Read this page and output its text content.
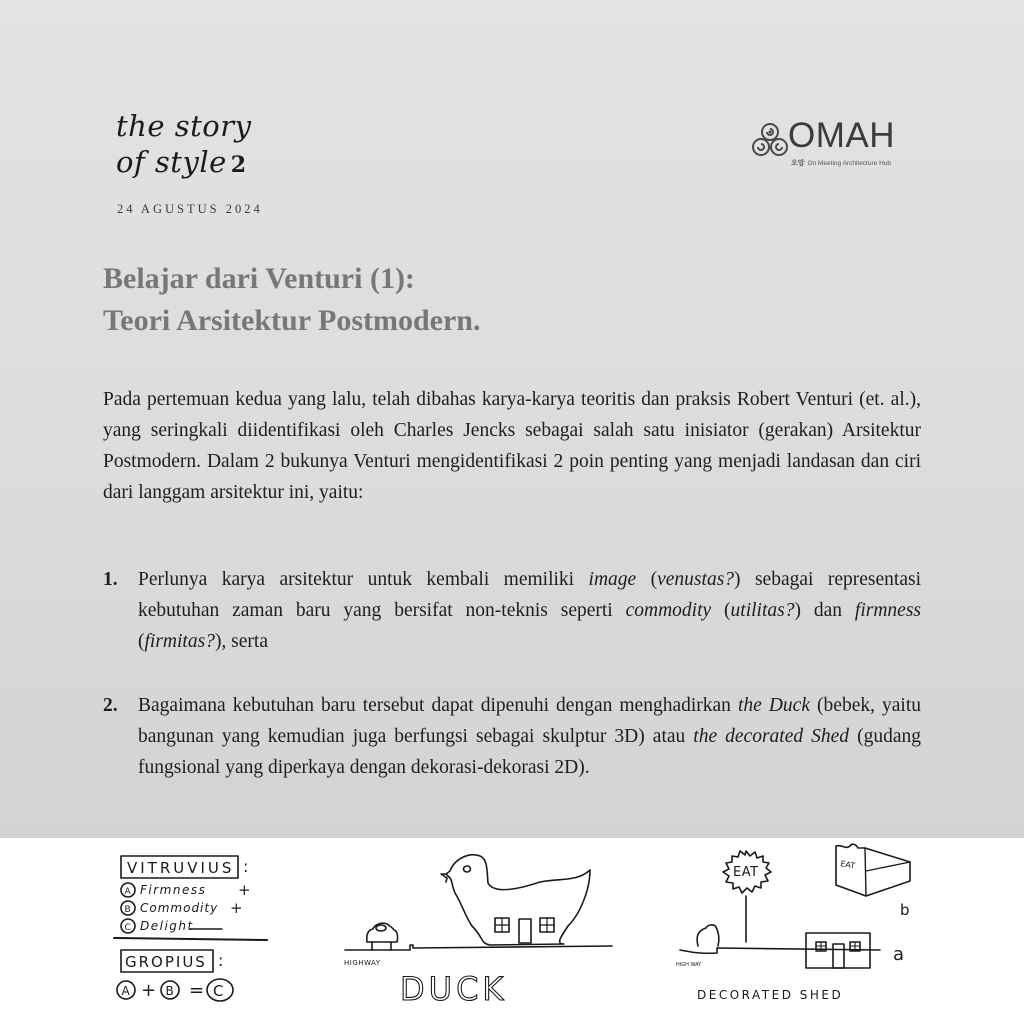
the story
of style 2
24 AGUSTUS 2024
OMAH
오맘 On Meeting Architecture Hub
Belajar dari Venturi (1):
Teori Arsitektur Postmodern.

Pada pertemuan kedua yang lalu, telah dibahas karya-karya teoritis dan praksis Robert Venturi (et. al.), yang seringkali diidentifikasi oleh Charles Jencks sebagai salah satu inisiator (gerakan) Arsitektur Postmodern. Dalam 2 bukunya Venturi mengidentifikasi 2 poin penting yang menjadi landasan dan ciri dari langgam arsitektur ini, yaitu:

1. Perlunya karya arsitektur untuk kembali memiliki image (venustas?) sebagai representasi kebutuhan zaman baru yang bersifat non-teknis seperti commodity (utilitas?) dan firmness (firmitas?), serta
2. Bagaimana kebutuhan baru tersebut dapat dipenuhi dengan menghadirkan the Duck (bebek, yaitu bangunan yang kemudian juga berfungsi sebagai skulptur 3D) atau the decorated Shed (gudang fungsional yang diperkaya dengan dekorasi-dekorasi 2D).
VITRUVIUS :
A Firmness +
B Commodity +
C Delight
GROPIUS :
A + B = C
HIGHWAY
DUCK
EAT
EAT
b
a
HIGH WAY
DECORATED SHED
